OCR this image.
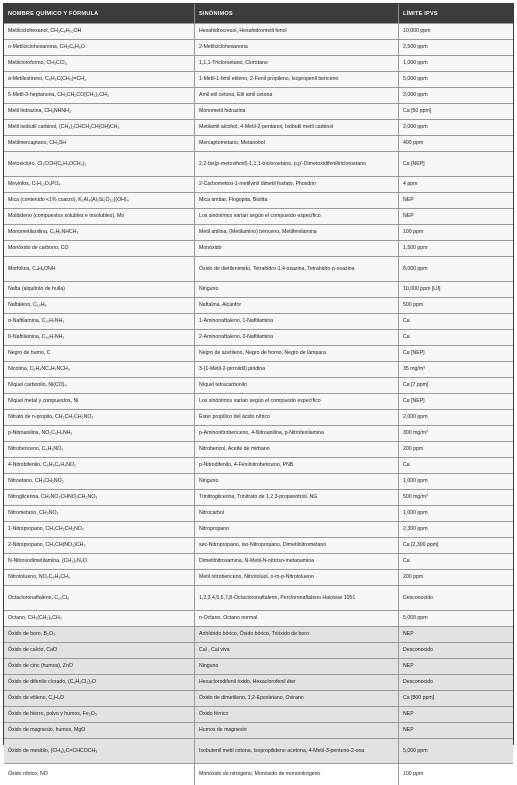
NOMBRE QUÍMICO Y FÓRMULA	SINÓNIMOS	LÍMITE IPVS
Metilciclohexanol, CH₃C₆H₁₀OH	Hexahidrocresol, Hexahidrometil fenol	10,000 ppm
o-Metilciclohexanona, CH₃C₆H₉O	2-Metilciclohexanona	2,500 ppm
Metilcloroformo, CH₃CCl₃	1,1,1-Tricloroetano, Clorotano	1,000 ppm
α-Metilestireno, C₆H₅C(CH₃)=CH₂	1-Metil-1-fenil etileno, 2-Fenil propileno, Isopropenil benceno	5,000 ppm
5-Metil-3-heptanona, CH₃CH₂CO(CH₂)₃CH₃	Amil etil cetona, Etil amil cetona	3,000 ppm
Metil hidrazina, CH₃NHNH₂	Monometil hidrazina	Ca [50 ppm]
Metil isobutil carbinol, (CH₃)₂CHCH₂CH(OH)CH₃	Metilamil alcohol, 4-Metil-2-pentanol, Isobutil metil carbinol	2,000 ppm
Metilmercaptano, CH₃SH	Mercaptometano, Metanotiol	400 ppm
Metoxicloro, Cl₃CCH(C₆H₄OCH₃)₂	2,2-bis(p-metoxifenil)-1,1,1-tricloroetano, p,p'-Dimetoxidifeniltricloroetano	Ca [NEP]
Mevinfos, C₇H₁₃O₆PO₄	2-Carbometoxi-1-metilvinil dimetil fosfato, Phosdrin	4 ppm
Mica (contenido <1% cuarzo), K₂Al₄(Al₂Si₆O₂₀)(OH)₄	Mica ámbar, Flogopita, Biotita	NEP
Molibdeno (compuestos solubles e insolubles), Mo	Los sinónimos varían según el compuesto específico	NEP
Monometilanilina, C₆H₅NHCH₃	Metil anilina, (Metilamino) benceno, Metilfenilamina	100 ppm
Monóxido de carbono, CO	Monóxido	1,500 ppm
Morfolina, C₄H₈ONH	Óxido de dietilenimido, Tetrahidro-1,4-oxazina, Tetrahidro-p-oxazina	8,000 ppm
Nafta (alquitrán de hulla)	Ninguno	10,000 ppm [LII]
Naftaleno, C₁₀H₈	Naftalina, Alcanfor	500 ppm
α-Naftilamina, C₁₀H₇NH₂	1-Aminonaftaleno, 1-Naftilamina	Ca
ß-Naftilamina, C₁₀H₇NH₂	2-Aminonaftaleno, 2-Naftilamina	Ca
Negro de humo, C	Negro de acetileno, Negro de horno, Negro de lámpara	Ca [NEP]
Nicotina, C₅H₄NC₄H₇NCH₃	3-(1-Metil-2-pirrolidil) piridina	35 mg/m³
Níquel carbonilo, Ni(CO)₄	Níquel tetracarbonilo	Ca [7 ppm]
Níquel metal y compuestos, Ni	Los sinónimos varían según el compuesto específico	Ca [NEP]
Nitrato de n-propilo, CH₃CH₂CH₂NO₃	Éster propílico del ácido nítrico	2,000 ppm
p-Nitroanilina, NO₂C₆H₄NH₂	p-Aminonitrobenceno, 4-Nitroanilina, p-Nitrofenilamina	300 mg/m³
Nitrobenceno, C₆H₅NO₂	Nitrobenzol, Aceite de mirbano	200 ppm
4-Nitrobifenilo, C₆H₅C₆H₄NO₂	p-Nitrodifenilo, 4-Fenilnitrobenceno, PNB	Ca
Nitroetano, CH₃CH₂NO₂	Ninguno	1,000 ppm
Nitroglicerina, CH₂NO₃CHNO₃CH₂NO₃	Trinitroglicerina, Trinitrato de 1,2,3-propanotriol, NG	500 mg/m³
Nitrometano, CH₃NO₂	Nitrocarbol	1,000 ppm
1-Nitropropano, CH₃CH₂CH₂NO₂	Nitropropano	2,300 ppm
2-Nitropropano, CH₃CH(NO₂)CH₃	sec-Nitropropano, iso-Nitropropano, Dimetilnitrometano	Ca [2,300 ppm]
N-Nitrosodimetilamina, (CH₃)₂N₂O	Dimetilnitrosamina, N-Metil-N-nitroso-metanamina	Ca
Nitrotolueno, NO₂C₆H₄CH₃	Metil nitrobenceno, Nitrotoluol, o-m-p-Nitrotolueno	200 ppm
Octaclorona​ftaleno, C₁₀Cl₈	1,2,3,4,5,6,7,8-Octacloronaftaleno, Percloronaftaleno Halowax 1051	Desconocido
Octano, CH₃(CH₂)₆CH₃	n-Octano, Octano normal	5,000 ppm
Óxido de boro, B₂O₃	Anhídrido bórico, Óxido bórico, Trióxido de boro	NEP
Óxido de calcio, CaO	Cal , Cal viva	Desconocido
Óxido de cinc (humos), ZnO	Ninguno	NEP
Óxido de difenilo clorado, (C₆H₅Cl₂)₂O	Hexaclorodifenil óxido, Hexaclorofenil éter	Desconocido
Óxido de etileno, C₂H₄O	Óxido de dimetileno, 1,2-Epoxietano, Oxirano	Ca [800 ppm]
Óxido de hierro, polvo y humos, Fe₂O₃	Óxido férrico	NEP
Óxido de magnesio, humos, MgO	Humos de magnesio	NEP
Óxido de mesitilo, (CH₃)₂C=CHCOCH₃	Isobutenil metil cetona, Isopropilideno acetona, 4-Metil-3-penteno-2-ona	5,000 ppm
Óxido nítrico, NO	Monóxido de nitrógeno, Monóxido de mononitrógeno	100 ppm
